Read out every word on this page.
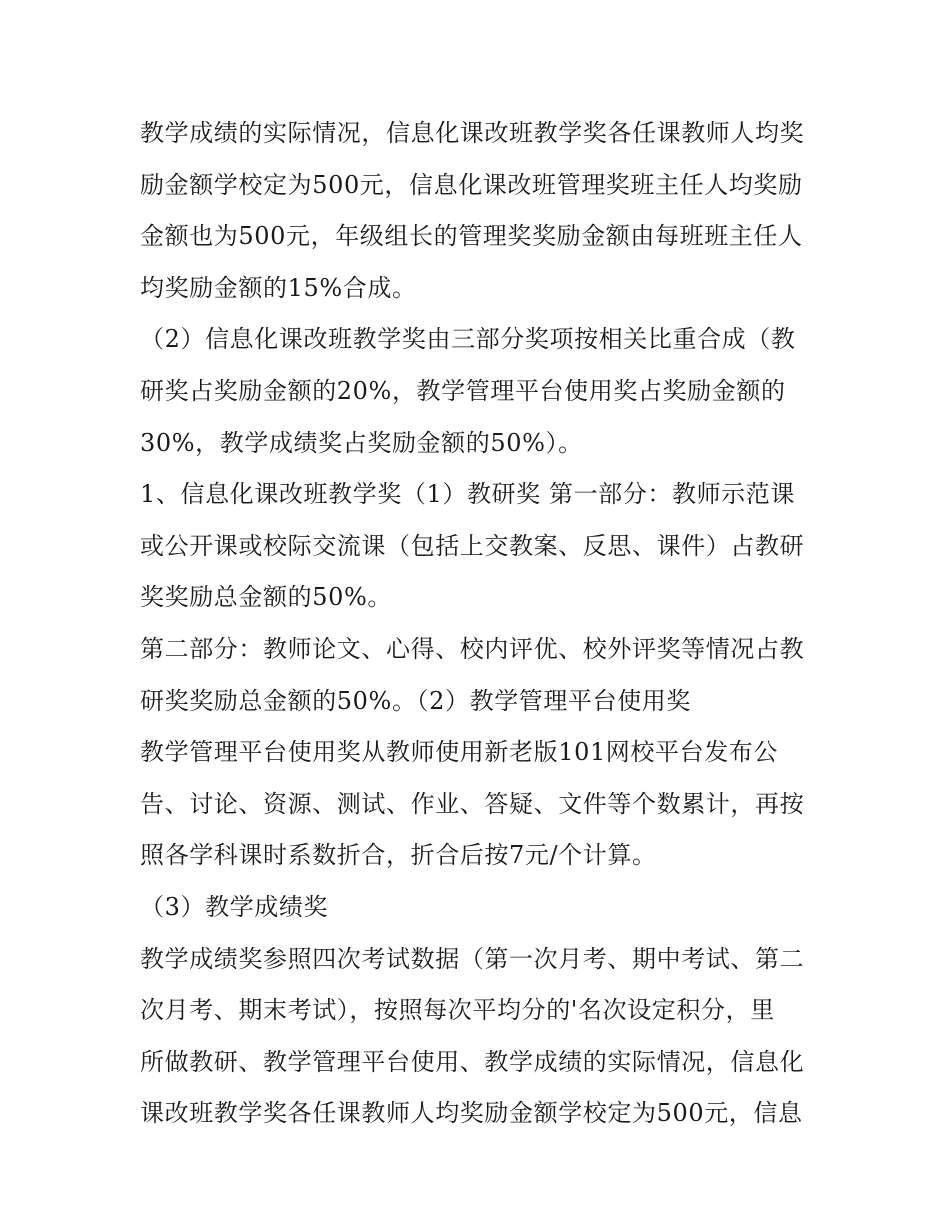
教学成绩的实际情况，信息化课改班教学奖各任课教师人均奖
励金额学校定为500元，信息化课改班管理奖班主任人均奖励
金额也为500元，年级组长的管理奖奖励金额由每班班主任人
均奖励金额的15%合成。
（2）信息化课改班教学奖由三部分奖项按相关比重合成（教
研奖占奖励金额的20%，教学管理平台使用奖占奖励金额的
30%，教学成绩奖占奖励金额的50%）。
1、信息化课改班教学奖（1）教研奖 第一部分：教师示范课
或公开课或校际交流课（包括上交教案、反思、课件）占教研
奖奖励总金额的50%。
第二部分：教师论文、心得、校内评优、校外评奖等情况占教
研奖奖励总金额的50%。（2）教学管理平台使用奖
教学管理平台使用奖从教师使用新老版101网校平台发布公
告、讨论、资源、测试、作业、答疑、文件等个数累计，再按
照各学科课时系数折合，折合后按7元/个计算。
（3）教学成绩奖
教学成绩奖参照四次考试数据（第一次月考、期中考试、第二
次月考、期末考试），按照每次平均分的'名次设定积分，里
所做教研、教学管理平台使用、教学成绩的实际情况，信息化
课改班教学奖各任课教师人均奖励金额学校定为500元，信息
